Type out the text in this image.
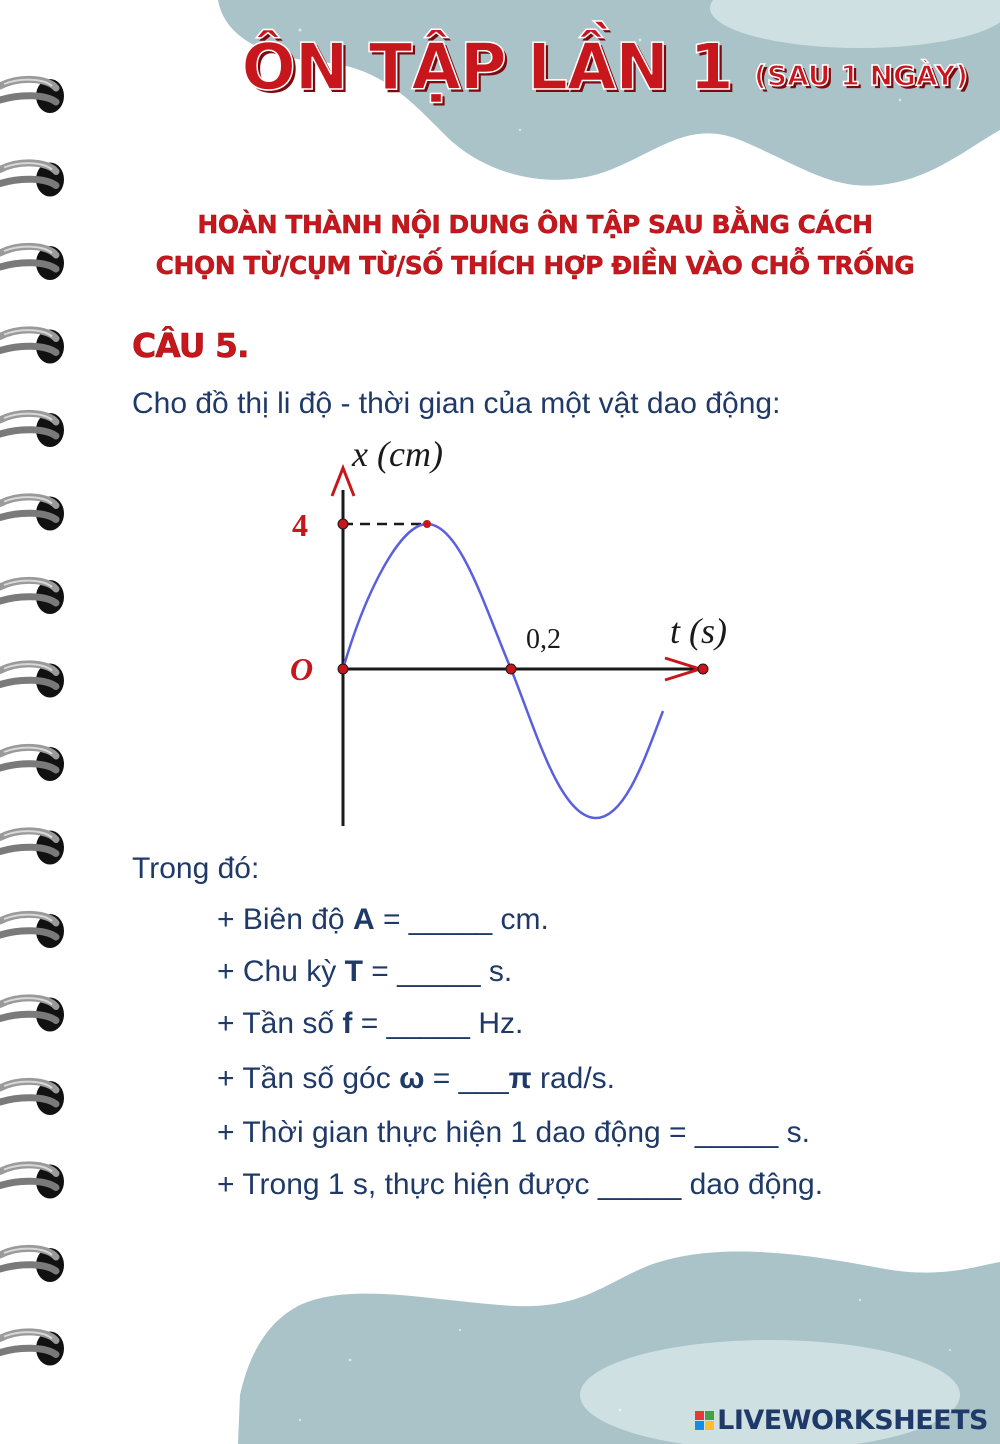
ÔN TẬP LẦN 1 (SAU 1 NGÀY)
HOÀN THÀNH NỘI DUNG ÔN TẬP SAU BẰNG CÁCH
CHỌN TỪ/CỤM TỪ/SỐ THÍCH HỢP ĐIỀN VÀO CHỖ TRỐNG
CÂU 5.

Cho đồ thị li độ - thời gian của một vật dao động:

x (cm)
t (s)
4
O
0,2

Trong đó:

+ Biên độ A = _____ cm.

+ Chu kỳ T = _____ s.

+ Tần số f = _____ Hz.

+ Tần số góc ω = ___π rad/s.

+ Thời gian thực hiện 1 dao động = _____ s.

+ Trong 1 s, thực hiện được _____ dao động.

LIVEWORKSHEETS
